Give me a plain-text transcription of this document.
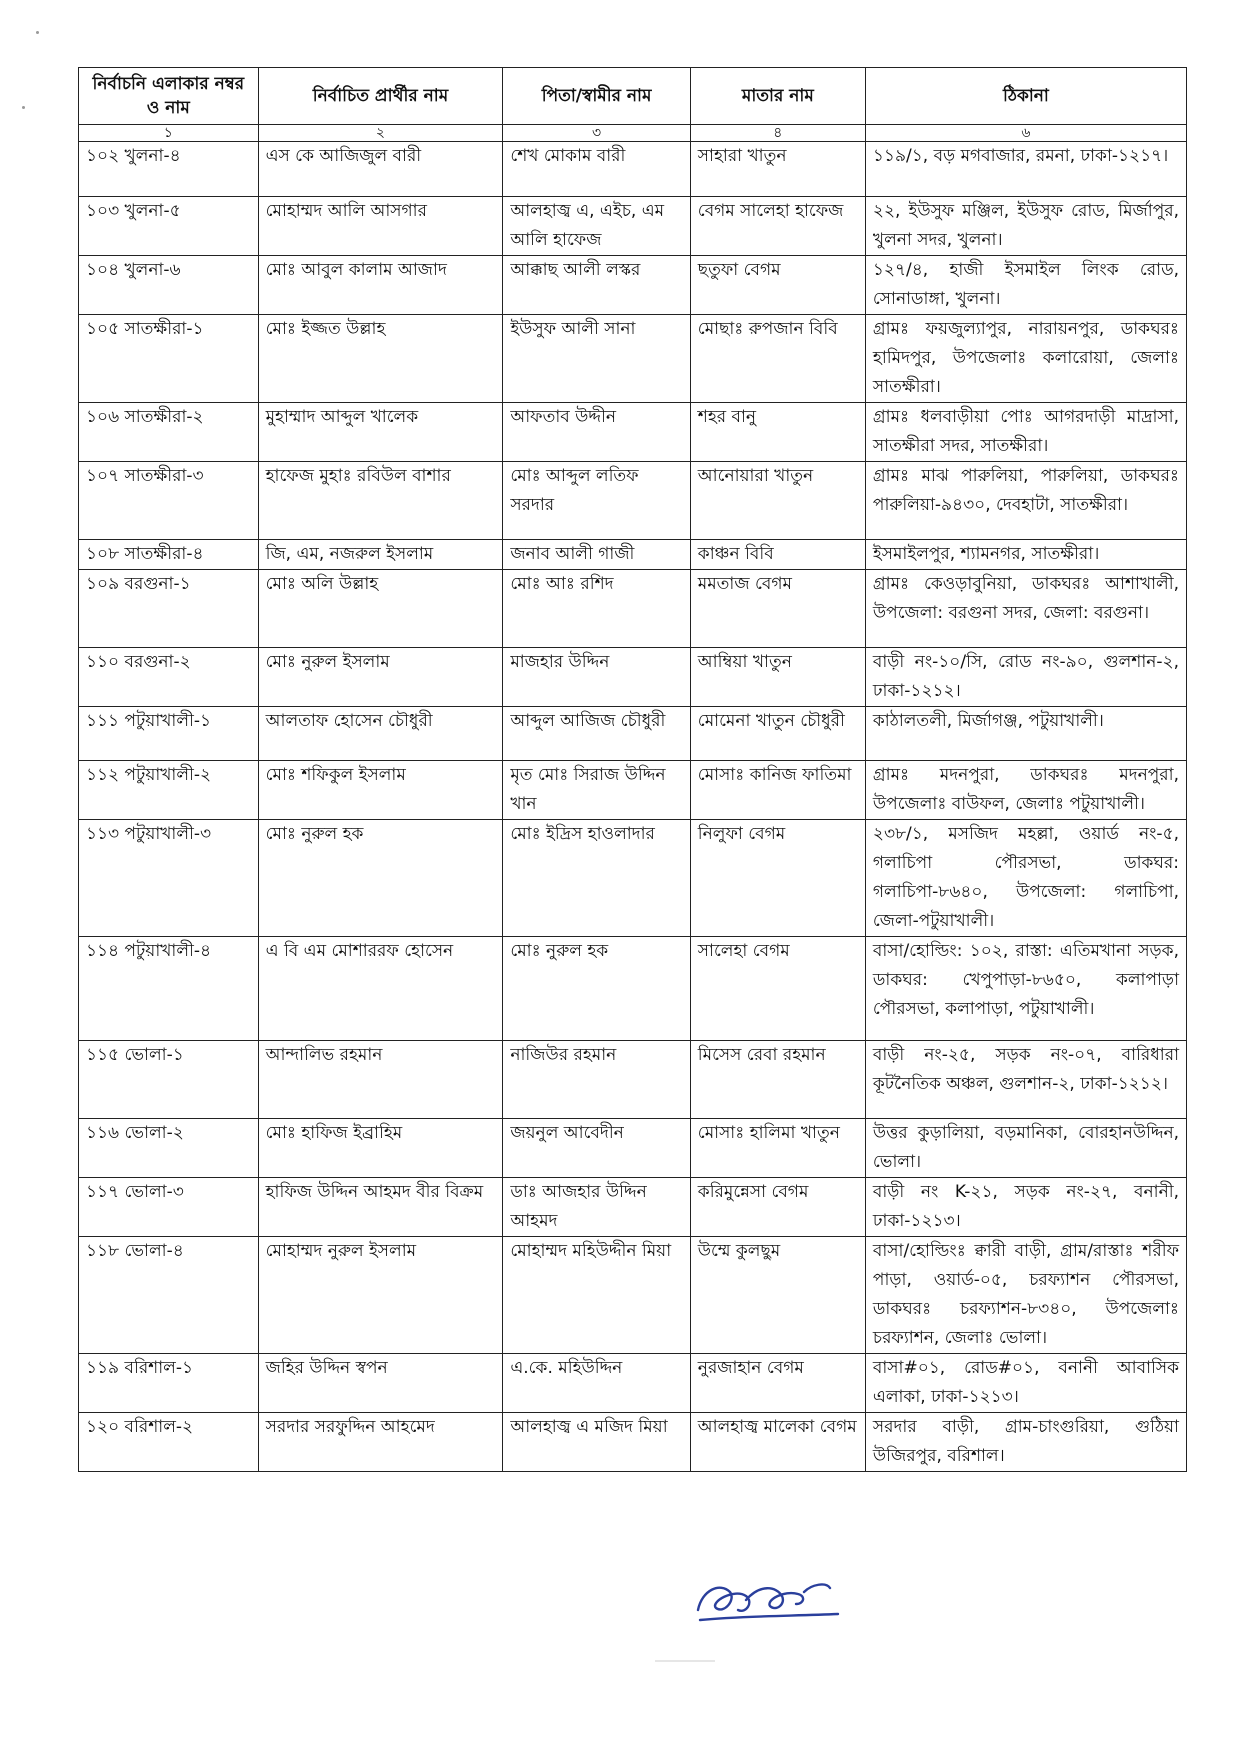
নির্বাচনি এলাকার নম্বর ও নাম	নির্বাচিত প্রার্থীর নাম	পিতা/স্বামীর নাম	মাতার নাম	ঠিকানা
১	২	৩	৪	৬
১০২ খুলনা-৪	এস কে আজিজুল বারী	শেখ মোকাম বারী	সাহারা খাতুন	১১৯/১, বড় মগবাজার, রমনা, ঢাকা-১২১৭।
১০৩ খুলনা-৫	মোহাম্মদ আলি আসগার	আলহাজ্ব এ, এইচ, এম আলি হাফেজ	বেগম সালেহা হাফেজ	২২, ইউসুফ মঞ্জিল, ইউসুফ রোড, মির্জাপুর, খুলনা সদর, খুলনা।
১০৪ খুলনা-৬	মোঃ আবুল কালাম আজাদ	আক্কাছ আলী লস্কর	ছতুফা বেগম	১২৭/৪, হাজী ইসমাইল লিংক রোড, সোনাডাঙ্গা, খুলনা।
১০৫ সাতক্ষীরা-১	মোঃ ইজ্জত উল্লাহ	ইউসুফ আলী সানা	মোছাঃ রুপজান বিবি	গ্রামঃ ফয়জুল্যাপুর, নারায়নপুর, ডাকঘরঃ হামিদপুর, উপজেলাঃ কলারোয়া, জেলাঃ সাতক্ষীরা।
১০৬ সাতক্ষীরা-২	মুহাম্মাদ আব্দুল খালেক	আফতাব উদ্দীন	শহর বানু	গ্রামঃ ধলবাড়ীয়া পোঃ আগরদাড়ী মাদ্রাসা, সাতক্ষীরা সদর, সাতক্ষীরা।
১০৭ সাতক্ষীরা-৩	হাফেজ মুহাঃ রবিউল বাশার	মোঃ আব্দুল লতিফ সরদার	আনোয়ারা খাতুন	গ্রামঃ মাঝ পারুলিয়া, পারুলিয়া, ডাকঘরঃ পারুলিয়া-৯৪৩০, দেবহাটা, সাতক্ষীরা।
১০৮ সাতক্ষীরা-৪	জি, এম, নজরুল ইসলাম	জনাব আলী গাজী	কাঞ্চন বিবি	ইসমাইলপুর, শ্যামনগর, সাতক্ষীরা।
১০৯ বরগুনা-১	মোঃ অলি উল্লাহ	মোঃ আঃ রশিদ	মমতাজ বেগম	গ্রামঃ কেওড়াবুনিয়া, ডাকঘরঃ আশাখালী, উপজেলা: বরগুনা সদর, জেলা: বরগুনা।
১১০ বরগুনা-২	মোঃ নুরুল ইসলাম	মাজহার উদ্দিন	আম্বিয়া খাতুন	বাড়ী নং-১০/সি, রোড নং-৯০, গুলশান-২, ঢাকা-১২১২।
১১১ পটুয়াখালী-১	আলতাফ হোসেন চৌধুরী	আব্দুল আজিজ চৌধুরী	মোমেনা খাতুন চৌধুরী	কাঠালতলী, মির্জাগঞ্জ, পটুয়াখালী।
১১২ পটুয়াখালী-২	মোঃ শফিকুল ইসলাম	মৃত মোঃ সিরাজ উদ্দিন খান	মোসাঃ কানিজ ফাতিমা	গ্রামঃ মদনপুরা, ডাকঘরঃ মদনপুরা, উপজেলাঃ বাউফল, জেলাঃ পটুয়াখালী।
১১৩ পটুয়াখালী-৩	মোঃ নুরুল হক	মোঃ ইদ্রিস হাওলাদার	নিলুফা বেগম	২৩৮/১, মসজিদ মহল্লা, ওয়ার্ড নং-৫, গলাচিপা পৌরসভা, ডাকঘর: গলাচিপা-৮৬৪০, উপজেলা: গলাচিপা, জেলা-পটুয়াখালী।
১১৪ পটুয়াখালী-৪	এ বি এম মোশাররফ হোসেন	মোঃ নুরুল হক	সালেহা বেগম	বাসা/হোল্ডিং: ১০২, রাস্তা: এতিমখানা সড়ক, ডাকঘর: খেপুপাড়া-৮৬৫০, কলাপাড়া পৌরসভা, কলাপাড়া, পটুয়াখালী।
১১৫ ভোলা-১	আন্দালিভ রহমান	নাজিউর রহমান	মিসেস রেবা রহমান	বাড়ী নং-২৫, সড়ক নং-০৭, বারিধারা কূটনৈতিক অঞ্চল, গুলশান-২, ঢাকা-১২১২।
১১৬ ভোলা-২	মোঃ হাফিজ ইব্রাহিম	জয়নুল আবেদীন	মোসাঃ হালিমা খাতুন	উত্তর কুড়ালিয়া, বড়মানিকা, বোরহানউদ্দিন, ভোলা।
১১৭ ভোলা-৩	হাফিজ উদ্দিন আহমদ বীর বিক্রম	ডাঃ আজহার উদ্দিন আহমদ	করিমুন্নেসা বেগম	বাড়ী নং K-২১, সড়ক নং-২৭, বনানী, ঢাকা-১২১৩।
১১৮ ভোলা-৪	মোহাম্মদ নুরুল ইসলাম	মোহাম্মদ মহিউদ্দীন মিয়া	উম্মে কুলছুম	বাসা/হোল্ডিংঃ ক্বারী বাড়ী, গ্রাম/রাস্তাঃ শরীফ পাড়া, ওয়ার্ড-০৫, চরফ্যাশন পৌরসভা, ডাকঘরঃ চরফ্যাশন-৮৩৪০, উপজেলাঃ চরফ্যাশন, জেলাঃ ভোলা।
১১৯ বরিশাল-১	জহির উদ্দিন স্বপন	এ.কে. মহিউদ্দিন	নুরজাহান বেগম	বাসা#০১, রোড#০১, বনানী আবাসিক এলাকা, ঢাকা-১২১৩।
১২০ বরিশাল-২	সরদার সরফুদ্দিন আহমেদ	আলহাজ্ব এ মজিদ মিয়া	আলহাজ্ব মালেকা বেগম	সরদার বাড়ী, গ্রাম-চাংগুরিয়া, গুঠিয়া উজিরপুর, বরিশাল।
